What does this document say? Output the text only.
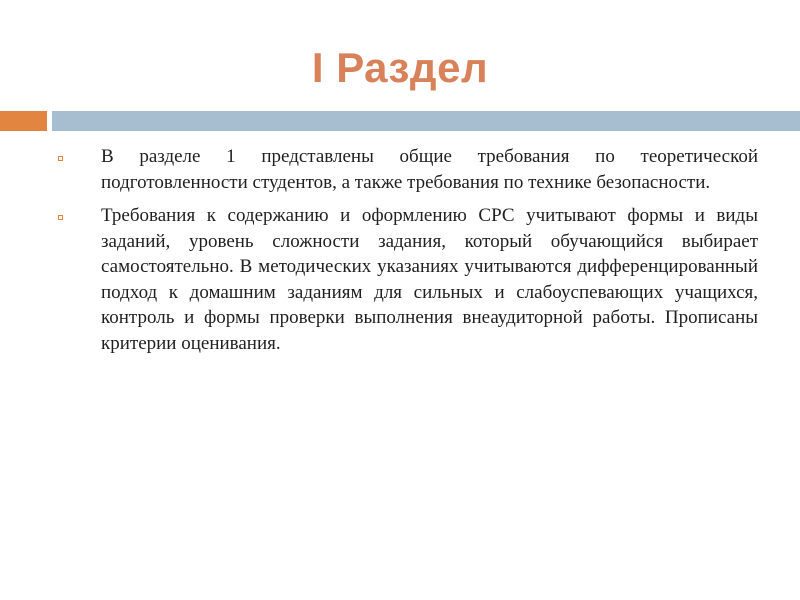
I Раздел
В разделе 1 представлены общие требования по теоретической подготовленности студентов, а также требования по технике безопасности.
Требования к содержанию и оформлению СРС учитывают формы и виды заданий, уровень сложности задания, который обучающийся выбирает самостоятельно. В методических указаниях учитываются дифференцированный подход к домашним заданиям для сильных и слабоуспевающих учащихся, контроль и формы проверки выполнения внеаудиторной работы. Прописаны критерии оценивания.
